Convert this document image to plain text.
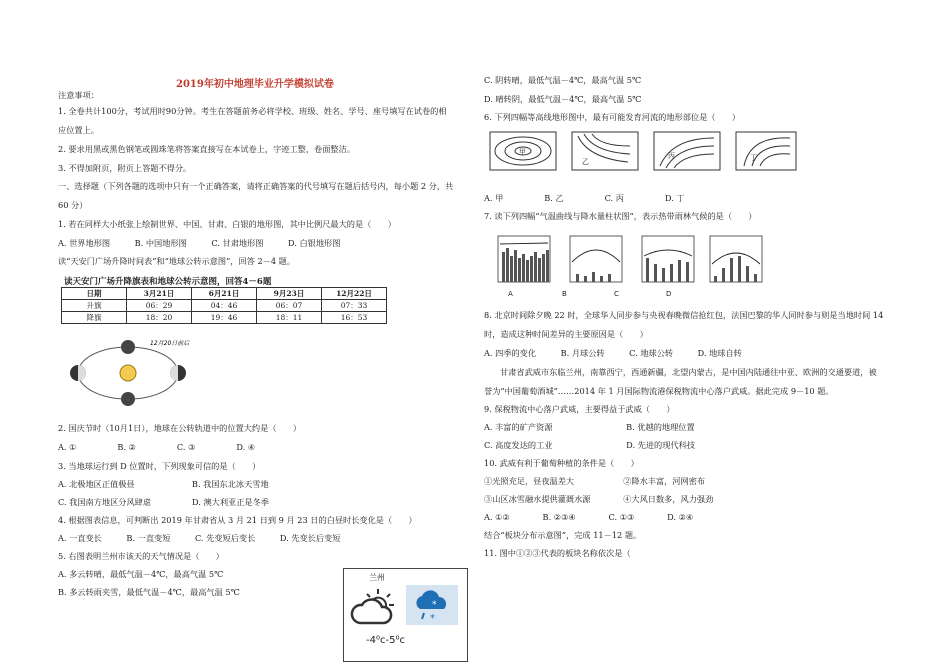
2019年初中地理毕业升学模拟试卷
注意事项：
1. 全卷共计100分，考试用时90分钟。考生在答题前务必将学校、班级、姓名、学号、座号填写在试卷的相
应位置上。
2. 要求用黑或黑色钢笔或圆珠笔将答案直接写在本试卷上，字迹工整，卷面整洁。
3. 不得加附页，附页上答题不得分。
一、选择题（下列各题的选项中只有一个正确答案，请将正确答案的代号填写在题后括号内，每小题 2 分，共
60 分）
1. 若在同样大小纸张上绘制世界、中国、甘肃、白银的地形图，其中比例尺最大的是（　　）
A. 世界地形图　　　B. 中国地形图　　　C. 甘肃地形图　　　D. 白银地形图
读“天安门广场升降时间表”和“地球公转示意图”，回答 2－4 题。
读天安门广场升降旗表和地球公转示意图，回答4－6题
日期	3月21日	6月21日	9月23日	12月22日
升旗	06：29	04：46	06：07	07：33
降旗	18：20	19：46	18：11	16：53
12月20日前后
2. 国庆节时（10月1日），地球在公转轨道中的位置大约是（　　）
A. ①　　　　　B. ②　　　　　C. ③　　　　　D. ④
3. 当地球运行到 D 位置时，下列现象可信的是（　　）
A. 北极地区正值极昼　　　　　　　B. 我国东北冰天雪地
C. 我国南方地区分风肆虐　　　　　D. 澳大利亚正是冬季
4. 根据图表信息，可判断出 2019 年甘肃省从 3 月 21 日到 9 月 23 日的白昼时长变化是（　　）
A. 一直变长　　　B. 一直变短　　　C. 先变短后变长　　　D. 先变长后变短
5. 右图表明兰州市该天的天气情况是（　　）
A. 多云转晴，最低气温－4℃，最高气温 5℃
B. 多云转雨夹雪，最低气温－4℃，最高气温 5℃
兰州
*
*
-4⁰c-5⁰c
C. 阴转晴，最低气温－4℃，最高气温 5℃
D. 晴转阴，最低气温－4℃，最高气温 5℃
6. 下列四幅等高线地形图中，最有可能发育河流的地形部位是（　　）
A. 甲　　　　　B. 乙　　　　　C. 丙　　　　　D. 丁
7. 读下列四幅“气温曲线与降水量柱状图”，表示热带雨林气候的是（　　）
甲
乙
丙	丁
A	B	C	D
8. 北京时间除夕晚 22 时，全球华人同步参与央视春晚微信抢红包，法国巴黎的华人同时参与则是当地时间 14
时，造成这种时间差异的主要原因是（　　）
A. 四季的变化　　　B. 月球公转　　　C. 地球公转　　　D. 地球自转
甘肃省武威市东临兰州，南靠西宁，西通新疆，北望内蒙古，是中国内陆通往中亚、欧洲的交通要道，被
誉为“中国葡萄酒城”……2014 年 1 月国际物流港保税物流中心落户武威。据此完成 9－10 题。
9. 保税物流中心落户武威，主要得益于武威（　　）
A. 丰富的矿产资源　　　　　　　　　B. 优越的地理位置
C. 高度发达的工业　　　　　　　　　D. 先进的现代科技
10. 武威有利于葡萄种植的条件是（　　）
①光照充足，昼夜温差大　　　　　　②降水丰富，河网密布
③山区冰雪融水提供灌溉水源　　　　④大风日数多，风力强劲
A. ①②　　　　B. ②③④　　　　C. ①③　　　　D. ②④
结合“板块分布示意图”，完成 11－12 题。
11. 图中①②③代表的板块名称依次是（
